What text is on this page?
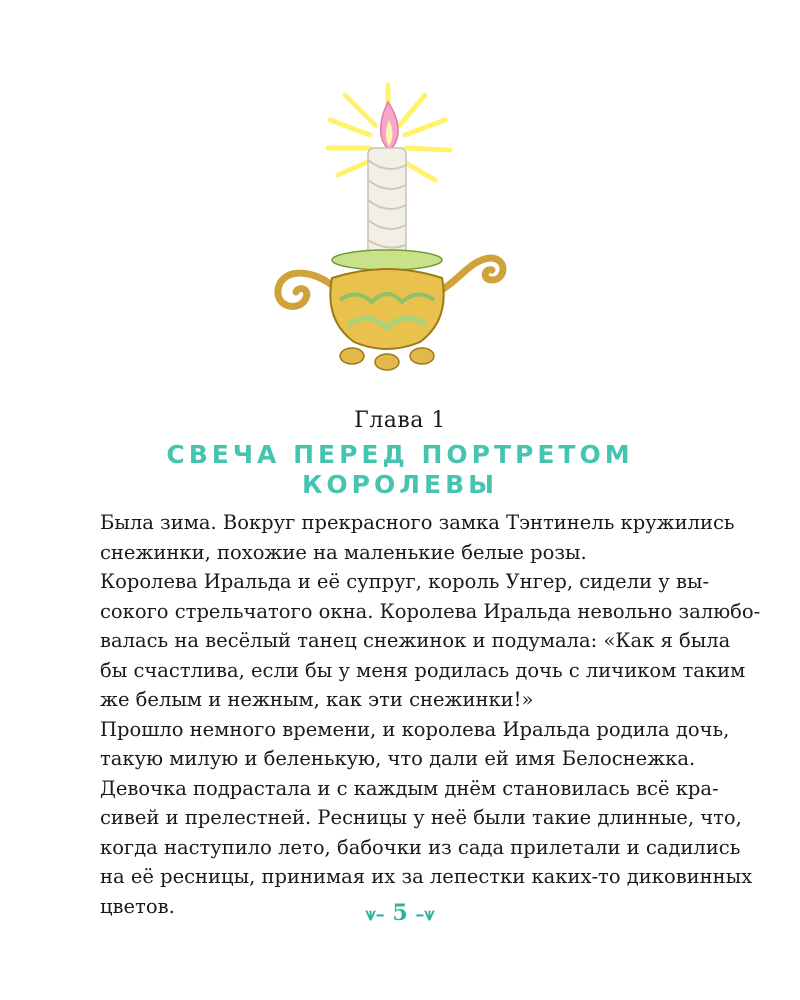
Глава 1
СВЕЧА ПЕРЕД ПОРТРЕТОМ
КОРОЛЕВЫ
Была зима. Вокруг прекрасного замка Тэнтинель кружились
снежинки, похожие на маленькие белые розы.
Королева Иральда и её супруг, король Унгер, сидели у вы-
сокого стрельчатого окна. Королева Иральда невольно залюбо-
валась на весёлый танец снежинок и подумала: «Как я была
бы счастлива, если бы у меня родилась дочь с личиком таким
же белым и нежным, как эти снежинки!»
Прошло немного времени, и королева Иральда родила дочь,
такую милую и беленькую, что дали ей имя Белоснежка.
Девочка подрастала и с каждым днём становилась всё кра-
сивей и прелестней. Ресницы у неё были такие длинные, что,
когда наступило лето, бабочки из сада прилетали и садились
на её ресницы, принимая их за лепестки каких-то диковинных
цветов.	⩛– 5 –⩛
